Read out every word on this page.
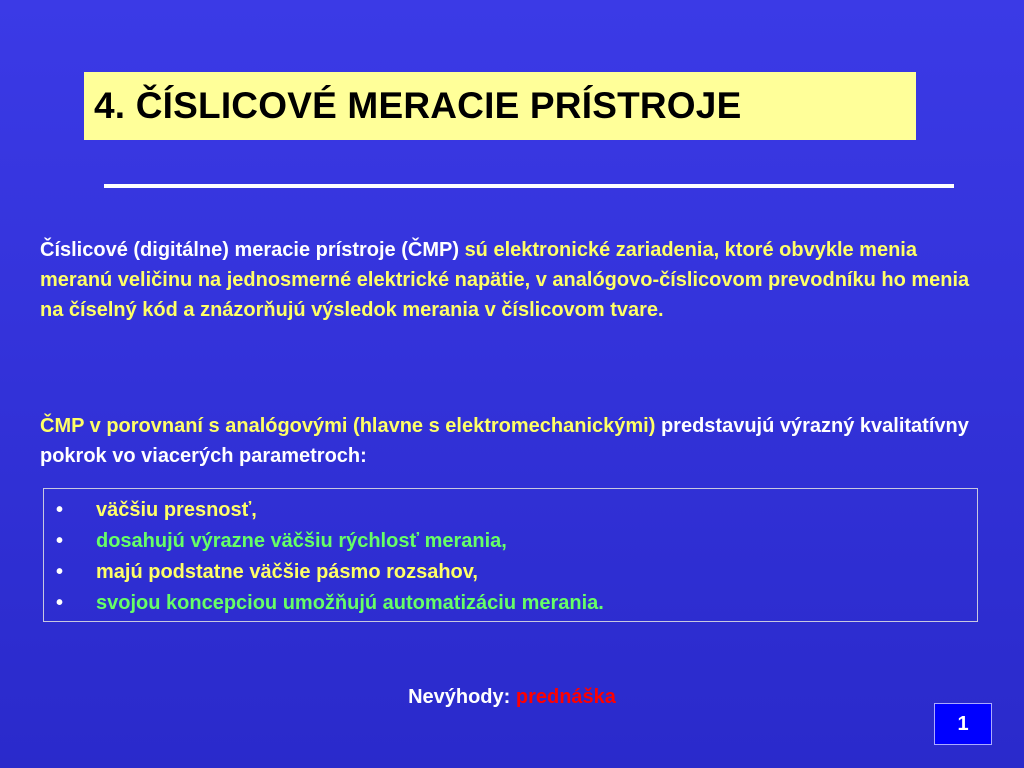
4. ČÍSLICOVÉ MERACIE PRÍSTROJE
Číslicové (digitálne) meracie prístroje (ČMP) sú elektronické zariadenia, ktoré obvykle menia meranú veličinu na jednosmerné elektrické napätie, v analógovo-číslicovom prevodníku ho menia na číselný kód a znázorňujú výsledok merania v číslicovom tvare.
ČMP v porovnaní s analógovými (hlavne s elektromechanickými) predstavujú výrazný kvalitatívny pokrok vo viacerých parametroch:
•	väčšiu presnosť,
•	dosahujú výrazne väčšiu rýchlosť merania,
•	majú podstatne väčšie pásmo rozsahov,
•	svojou koncepciou umožňujú automatizáciu merania.
Nevýhody: prednáška
1
